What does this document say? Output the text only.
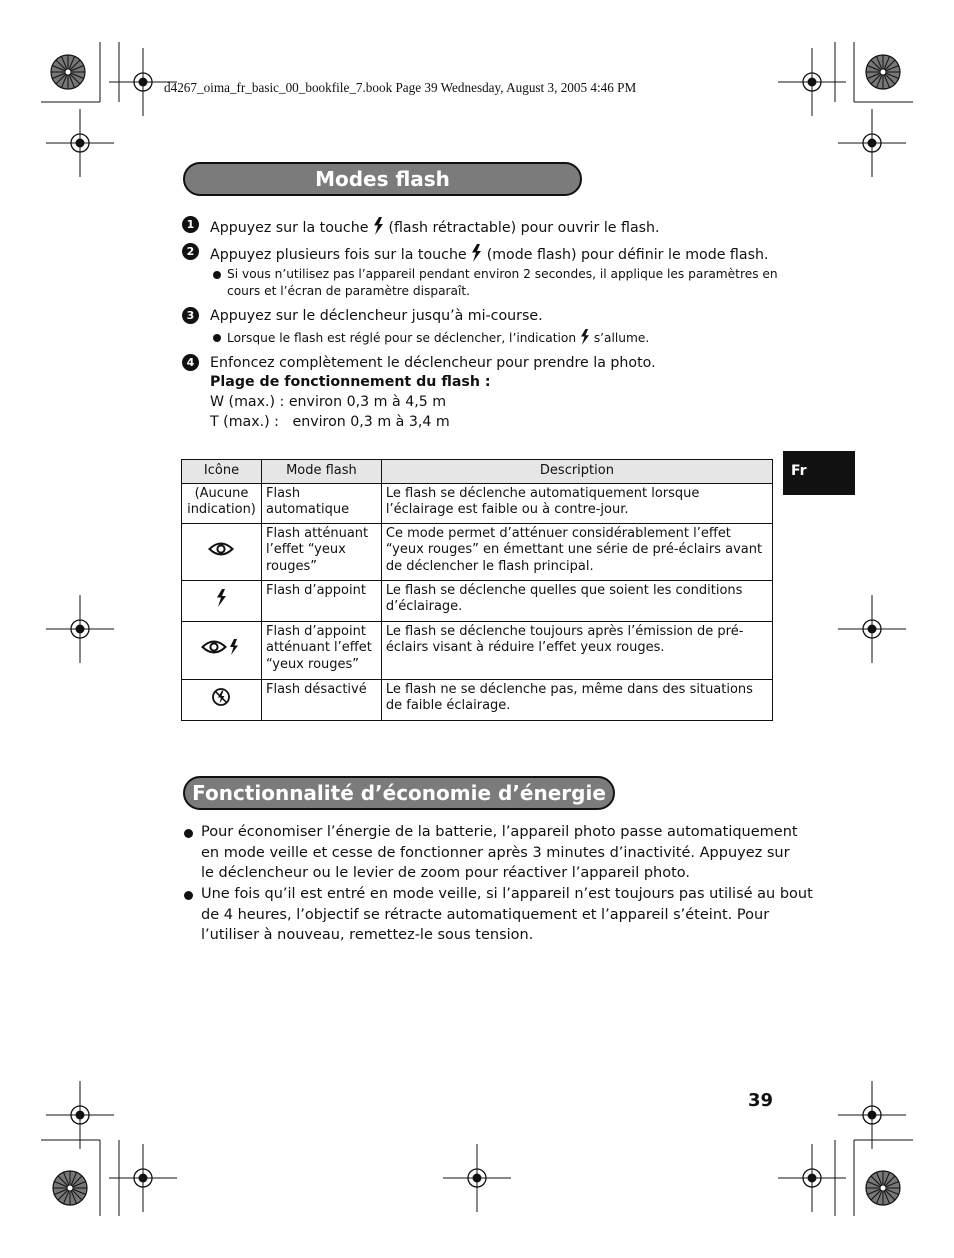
d4267_oima_fr_basic_00_bookfile_7.book Page 39 Wednesday, August 3, 2005 4:46 PM
Modes flash
1	Appuyez sur la touche (flash rétractable) pour ouvrir le flash.
2	Appuyez plusieurs fois sur la touche (mode flash) pour définir le mode flash.
Si vous n’utilisez pas l’appareil pendant environ 2 secondes, il applique les paramètres en
cours et l’écran de paramètre disparaît.
3	Appuyez sur le déclencheur jusqu’à mi-course.
Lorsque le flash est réglé pour se déclencher, l’indication s’allume.
4	Enfoncez complètement le déclencheur pour prendre la photo.
Plage de fonctionnement du flash :
W (max.) : environ 0,3 m à 4,5 m
T (max.) :   environ 0,3 m à 3,4 m
Icône	Mode flash	Description
(Aucune indication)	Flash automatique	Le flash se déclenche automatiquement lorsque l’éclairage est faible ou à contre-jour.
	Flash atténuant l’effet “yeux rouges”	Ce mode permet d’atténuer considérablement l’effet “yeux rouges” en émettant une série de pré-éclairs avant de déclencher le flash principal.
	Flash d’appoint	Le flash se déclenche quelles que soient les conditions d’éclairage.
	Flash d’appoint atténuant l’effet “yeux rouges”	Le flash se déclenche toujours après l’émission de pré-éclairs visant à réduire l’effet yeux rouges.
	Flash désactivé	Le flash ne se déclenche pas, même dans des situations de faible éclairage.
Fr
Fonctionnalité d’économie d’énergie
Pour économiser l’énergie de la batterie, l’appareil photo passe automatiquement
en mode veille et cesse de fonctionner après 3 minutes d’inactivité. Appuyez sur
le déclencheur ou le levier de zoom pour réactiver l’appareil photo.
Une fois qu’il est entré en mode veille, si l’appareil n’est toujours pas utilisé au bout
de 4 heures, l’objectif se rétracte automatiquement et l’appareil s’éteint. Pour
l’utiliser à nouveau, remettez-le sous tension.
39
